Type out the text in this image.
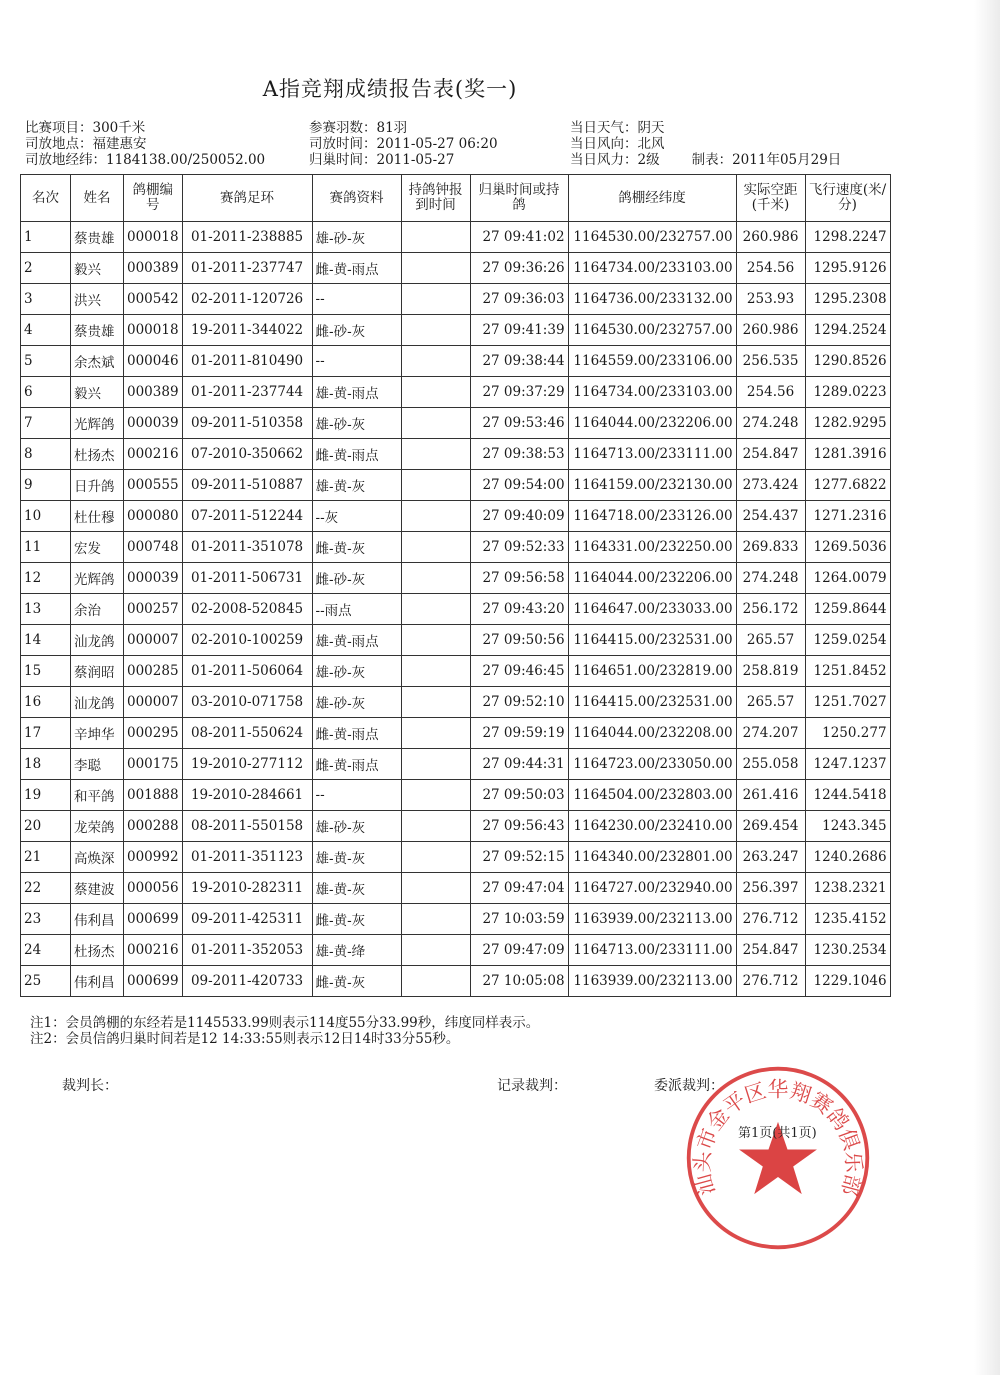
A指竞翔成绩报告表(奖一)
比赛项目：300千米
司放地点：福建惠安
司放地经纬：1184138.00/250052.00
参赛羽数：81羽
司放时间：2011-05-27 06:20
归巢时间：2011-05-27
当日天气：阴天
当日风向：北风
当日风力：2级 制表：2011年05月29日
名次	姓名	鸽棚编号	赛鸽足环	赛鸽资料	持鸽钟报到时间	归巢时间或持鸽	鸽棚经纬度	实际空距(千米)	飞行速度(米/分)
1	蔡贵雄	000018	01-2011-238885	雄-砂-灰		27 09:41:02	1164530.00/232757.00	260.986	1298.2247
2	毅兴	000389	01-2011-237747	雌-黄-雨点		27 09:36:26	1164734.00/233103.00	254.56	1295.9126
3	洪兴	000542	02-2011-120726	--		27 09:36:03	1164736.00/233132.00	253.93	1295.2308
4	蔡贵雄	000018	19-2011-344022	雌-砂-灰		27 09:41:39	1164530.00/232757.00	260.986	1294.2524
5	余杰斌	000046	01-2011-810490	--		27 09:38:44	1164559.00/233106.00	256.535	1290.8526
6	毅兴	000389	01-2011-237744	雄-黄-雨点		27 09:37:29	1164734.00/233103.00	254.56	1289.0223
7	光辉鸽	000039	09-2011-510358	雄-砂-灰		27 09:53:46	1164044.00/232206.00	274.248	1282.9295
8	杜扬杰	000216	07-2010-350662	雌-黄-雨点		27 09:38:53	1164713.00/233111.00	254.847	1281.3916
9	日升鸽	000555	09-2011-510887	雄-黄-灰		27 09:54:00	1164159.00/232130.00	273.424	1277.6822
10	杜仕穆	000080	07-2011-512244	--灰		27 09:40:09	1164718.00/233126.00	254.437	1271.2316
11	宏发	000748	01-2011-351078	雌-黄-灰		27 09:52:33	1164331.00/232250.00	269.833	1269.5036
12	光辉鸽	000039	01-2011-506731	雌-砂-灰		27 09:56:58	1164044.00/232206.00	274.248	1264.0079
13	余治	000257	02-2008-520845	--雨点		27 09:43:20	1164647.00/233033.00	256.172	1259.8644
14	汕龙鸽	000007	02-2010-100259	雄-黄-雨点		27 09:50:56	1164415.00/232531.00	265.57	1259.0254
15	蔡润昭	000285	01-2011-506064	雄-砂-灰		27 09:46:45	1164651.00/232819.00	258.819	1251.8452
16	汕龙鸽	000007	03-2010-071758	雄-砂-灰		27 09:52:10	1164415.00/232531.00	265.57	1251.7027
17	辛坤华	000295	08-2011-550624	雌-黄-雨点		27 09:59:19	1164044.00/232208.00	274.207	1250.277
18	李聪	000175	19-2010-277112	雌-黄-雨点		27 09:44:31	1164723.00/233050.00	255.058	1247.1237
19	和平鸽	001888	19-2010-284661	--		27 09:50:03	1164504.00/232803.00	261.416	1244.5418
20	龙荣鸽	000288	08-2011-550158	雄-砂-灰		27 09:56:43	1164230.00/232410.00	269.454	1243.345
21	高焕深	000992	01-2011-351123	雄-黄-灰		27 09:52:15	1164340.00/232801.00	263.247	1240.2686
22	蔡建波	000056	19-2010-282311	雄-黄-灰		27 09:47:04	1164727.00/232940.00	256.397	1238.2321
23	伟利昌	000699	09-2011-425311	雌-黄-灰		27 10:03:59	1163939.00/232113.00	276.712	1235.4152
24	杜扬杰	000216	01-2011-352053	雄-黄-绛		27 09:47:09	1164713.00/233111.00	254.847	1230.2534
25	伟利昌	000699	09-2011-420733	雌-黄-灰		27 10:05:08	1163939.00/232113.00	276.712	1229.1046
注1：会员鸽棚的东经若是1145533.99则表示114度55分33.99秒，纬度同样表示。
注2：会员信鸽归巢时间若是12 14:33:55则表示12日14时33分55秒。
裁判长：	记录裁判：	委派裁判：
汕头市金平区华翔赛鸽俱乐部
第1页(共1页)
